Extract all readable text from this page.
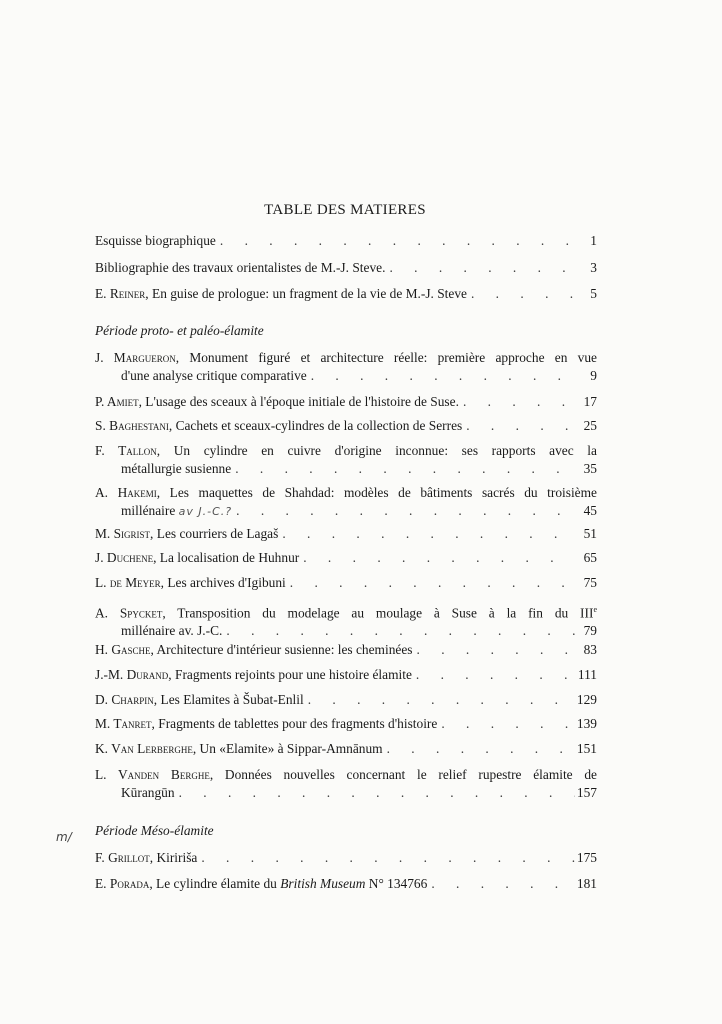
TABLE DES MATIERES
Esquisse biographique . . .	1
Bibliographie des travaux orientalistes de M.-J. Steve. . . .	3
E. Reiner, En guise de prologue: un fragment de la vie de M.-J. Steve . . .	5
Période proto- et paléo-élamite
J. Margueron, Monument figuré et architecture réelle: première approche en vue
d'une analyse critique comparative . . .	9
P. Amiet, L'usage des sceaux à l'époque initiale de l'histoire de Suse. . . .	17
S. Baghestani, Cachets et sceaux-cylindres de la collection de Serres . . .	25
F. Tallon, Un cylindre en cuivre d'origine inconnue: ses rapports avec la
métallurgie susienne . . .	35
A. Hakemi, Les maquettes de Shahdad: modèles de bâtiments sacrés du troisième
millénaire av J.-C.? . . .	45
M. Sigrist, Les courriers de Lagaš . . .	51
J. Duchene, La localisation de Huhnur . . .	65
L. de Meyer, Les archives d'Igibuni . . .	75
A. Spycket, Transposition du modelage au moulage à Suse à la fin du IIIe
millénaire av. J.-C. . . .	79
H. Gasche, Architecture d'intérieur susienne: les cheminées . . .	83
J.-M. Durand, Fragments rejoints pour une histoire élamite . . .	111
D. Charpin, Les Elamites à Šubat-Enlil . . .	129
M. Tanret, Fragments de tablettes pour des fragments d'histoire . . .	139
K. Van Lerberghe, Un «Elamite» à Sippar-Amnānum . . .	151
L. Vanden Berghe, Données nouvelles concernant le relief rupestre élamite de
Kūrangūn . . .	157
m/ Période Méso-élamite
F. Grillot, Kiririša . . .	175
E. Porada, Le cylindre élamite du British Museum N° 134766 . . .	181
